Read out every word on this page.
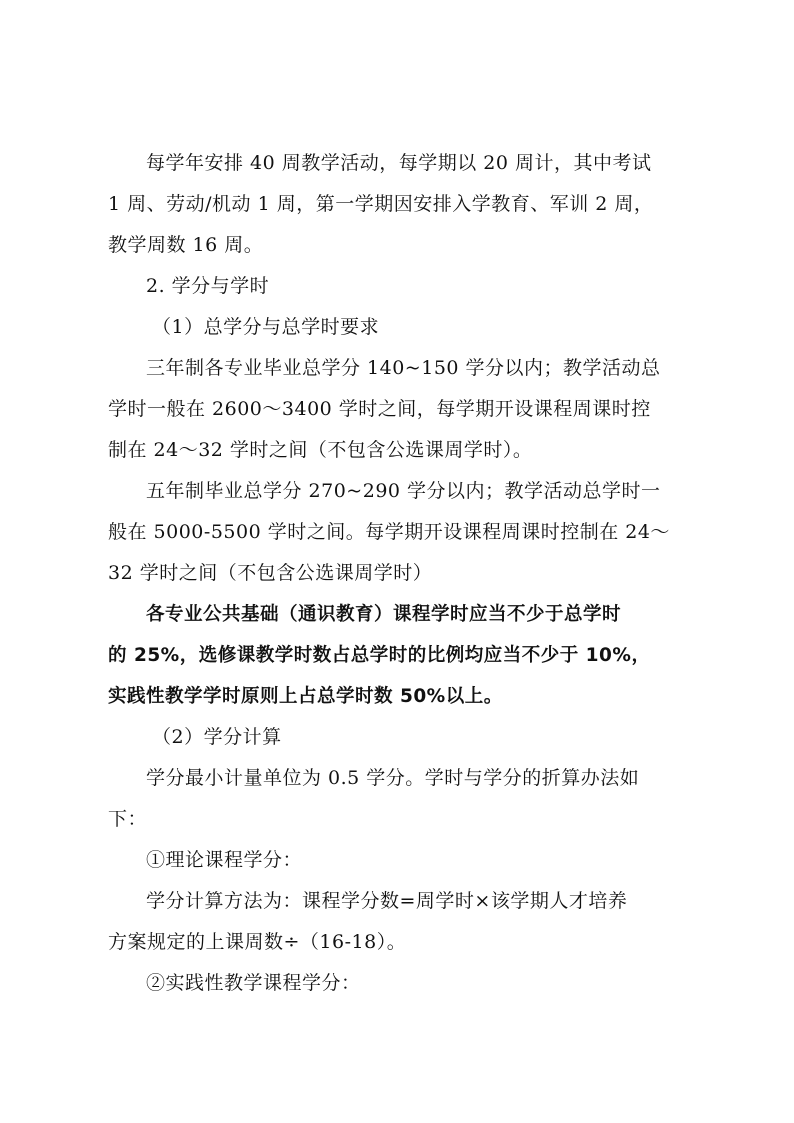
每学年安排 40 周教学活动，每学期以 20 周计，其中考试
1 周、劳动/机动 1 周，第一学期因安排入学教育、军训 2 周，
教学周数 16 周。
2. 学分与学时
（1）总学分与总学时要求
三年制各专业毕业总学分 140~150 学分以内；教学活动总
学时一般在 2600～3400 学时之间，每学期开设课程周课时控
制在 24～32 学时之间（不包含公选课周学时）。
五年制毕业总学分 270~290 学分以内；教学活动总学时一
般在 5000-5500 学时之间。每学期开设课程周课时控制在 24～
32 学时之间（不包含公选课周学时）
各专业公共基础（通识教育）课程学时应当不少于总学时
的 25%，选修课教学时数占总学时的比例均应当不少于 10%，
实践性教学学时原则上占总学时数 50%以上。
（2）学分计算
学分最小计量单位为 0.5 学分。学时与学分的折算办法如
下：
①理论课程学分：
学分计算方法为：课程学分数=周学时×该学期人才培养
方案规定的上课周数÷（16-18）。
②实践性教学课程学分：
